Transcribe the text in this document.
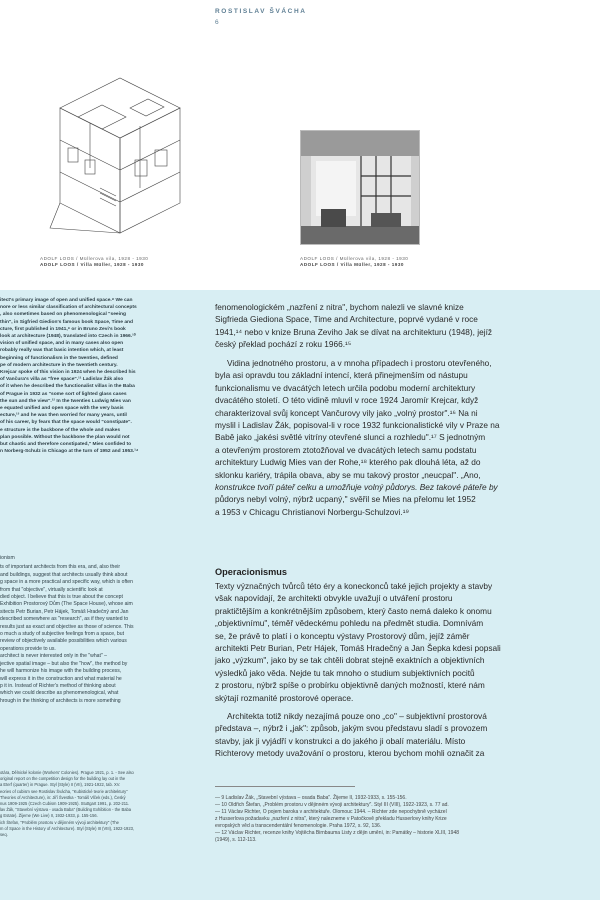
ROSTISLAV ŠVÁCHA
6
ADOLF LOOS / Müllerova vila, 1928 - 1930
ADOLF LOOS / Villa Müller, 1928 - 1930
ADOLF LOOS / Müllerova vila, 1928 - 1930
ADOLF LOOS / Villa Müller, 1928 - 1930

itect's primary image of open and unified space.⁸ We can

nore or less similar classification of architectural concepts

, also sometimes based on phenomenological "seeing

thin", in Sigfried Giedion's famous book Space, Time and

cture, first published in 1941,⁹ or in Bruno Zevi's book

look at architecture (1948), translated into Czech in 1966.¹⁰

vision of unified space, and in many cases also open

robably really was that basic intention which, at least

beginning of functionalism in the twenties, defined

pe of modern architecture in the twentieth century.

Krejcar spoke of this vision in 1924 when he described his

of Vančura's villa as "free space".¹¹ Ladislav Žák also

of it when he described the functionalist villas in the Baba

of Prague in 1932 as "some sort of lighted glass cases

the sun and the view".¹² In the twenties Ludwig Mies van

e equated unified and open space with the very basis

ecture,¹³ and he was then worried for many years, until

of his career, by fears that the space would "constipate".

e structure is the backbone of the whole and makes

plan possible. Without the backbone the plan would not

but chaotic and therefore constipated," Mies confided to

n Norberg-Schulz in Chicago at the turn of 1952 and 1953.¹⁴

ionism

ts of important architects from this era, and, also their

and buildings, suggest that architects usually think about

g space in a more practical and specific way, which is often

from that "objective", virtually scientific look at

died object. I believe that this is true about the concept

Exhibition Prostorový Dům (The Space House), whose aim

sitects Petr Burian, Petr Hájek, Tomáš Hradečný and Jan

described somewhere as "research", as if they wanted to

results just as exact and objective as those of science. This

o much a study of subjective feelings from a space, but

review of objectively available possibilities which various

operations provide to us.

architect is never interested only in the "what" –

jective spatial image – but also the "how", the method by

he will harmonize his image with the building process,

will express it in the construction and what material he

p it in. Instead of Richter's method of thinking about

which we could describe as phenomenological, what

hrough in the thinking of architects is more something

otára, Dělnické kolonie (Workers' Colonies). Prague 1921, p. 1. - See also

original report on the competition design for the building lay out in the

a Eterf (quarter) in Prague. Styl (Style) II (VII), 1921-1922, tab. XV.

eories of cubism see Rostislav Švácha, "Kubistické teorie architektury"

Theories of Architecture), in: Jiří Švestka - Tomáš Vlček (eds.), Český

nus 1909-1925 (Czech Cubism 1909-1925). Stuttgart 1991, p. 202-211.

lav Žák, "Stavební výstava - osada Baba" (Building Exhibition - the Baba

g Estate). Žijeme (We Live) II, 1932-1933, p. 155-156.

ich Štefan, "Problém prostoru v dějinném vývoji architektury" (The

m of Space in the History of Architecture). Styl (Style) III (VIII), 1922-1923,

seq.

fenomenologickém „nazření z nitra", bychom nalezli ve slavné knize

Sigfrieda Giediona Space, Time and Architecture, poprvé vydané v roce

1941,¹⁴ nebo v knize Bruna Zeviho Jak se dívat na architekturu (1948), jejíž

český překlad pochází z roku 1966.¹⁵

Vidina jednotného prostoru, a v mnoha případech i prostoru otevřeného,

byla asi opravdu tou základní intencí, která přinejmenším od nástupu

funkcionalismu ve dvacátých letech určila podobu moderní architektury

dvacátého století. O této vidině mluvil v roce 1924 Jaromír Krejcar, když

charakterizoval svůj koncept Vančurovy vily jako „volný prostor".¹⁶ Na ni

myslil i Ladislav Žák, popisoval-li v roce 1932 funkcionalistické vily v Praze na

Babě jako „jakési světlé vitríny otevřené slunci a rozhledu".¹⁷ S jednotným

a otevřeným prostorem ztotožňoval ve dvacátých letech samu podstatu

architektury Ludwig Mies van der Rohe,¹⁸ kterého pak dlouhá léta, až do

sklonku kariéry, trápila obava, aby se mu takový prostor „neucpal". „Ano,

konstrukce tvoří páteř celku a umožňuje volný půdorys. Bez takové páteře by

půdorys nebyl volný, nýbrž ucpaný," svěřil se Mies na přelomu let 1952

a 1953 v Chicagu Christianovi Norbergu-Schulzovi.¹⁹

Operacionismus

Texty význačných tvůrců této éry a koneckonců také jejich projekty a stavby

však napovídají, že architekti obvykle uvažují o utváření prostoru

praktičtějším a konkrétnějším způsobem, který často nemá daleko k onomu

„objektivnímu", téměř vědeckému pohledu na předmět studia. Domnívám

se, že právě to platí i o konceptu výstavy Prostorový dům, jejíž záměr

architekti Petr Burian, Petr Hájek, Tomáš Hradečný a Jan Šepka kdesi popsali

jako „výzkum", jako by se tak chtěli dobrat stejně exaktních a objektivních

výsledků jako věda. Nejde tu tak mnoho o studium subjektivních pocitů

z prostoru, nýbrž spíše o probírku objektivně daných možností, které nám

skýtají rozmanité prostorové operace.

Architekta totiž nikdy nezajímá pouze ono „co" – subjektivní prostorová

představa –, nýbrž i „jak": způsob, jakým svou představu sladí s provozem

stavby, jak ji vyjádří v konstrukci a do jakého ji obalí materiálu. Místo

Richterovy metody uvažování o prostoru, kterou bychom mohli označit za

— 9 Ladislav Žák, „Stavební výstava – osada Baba". Žijeme II, 1932-1933, s. 155-156.

— 10 Oldřich Štefan, „Problém prostoru v dějinném vývoji architektury". Styl III (VIII), 1922-1923, s. 77 ad.

— 11 Václav Richter, O pojem baroka v architektuře. Olomouc 1944. – Richter zde nepochybně vycházel

z Husserlova požadavku „nazření z nitra", který nalezneme v Patočkově překladu Husserlovy knihy Krize

evropských věd a transcendentální fenomenologie. Praha 1972, s. 92, 136.

— 12 Václav Richter, recenze knihy Vojtěcha Birnbauma Listy z dějin umění, in: Památky – historie XLIII, 1948

(1949), s. 112-113.
